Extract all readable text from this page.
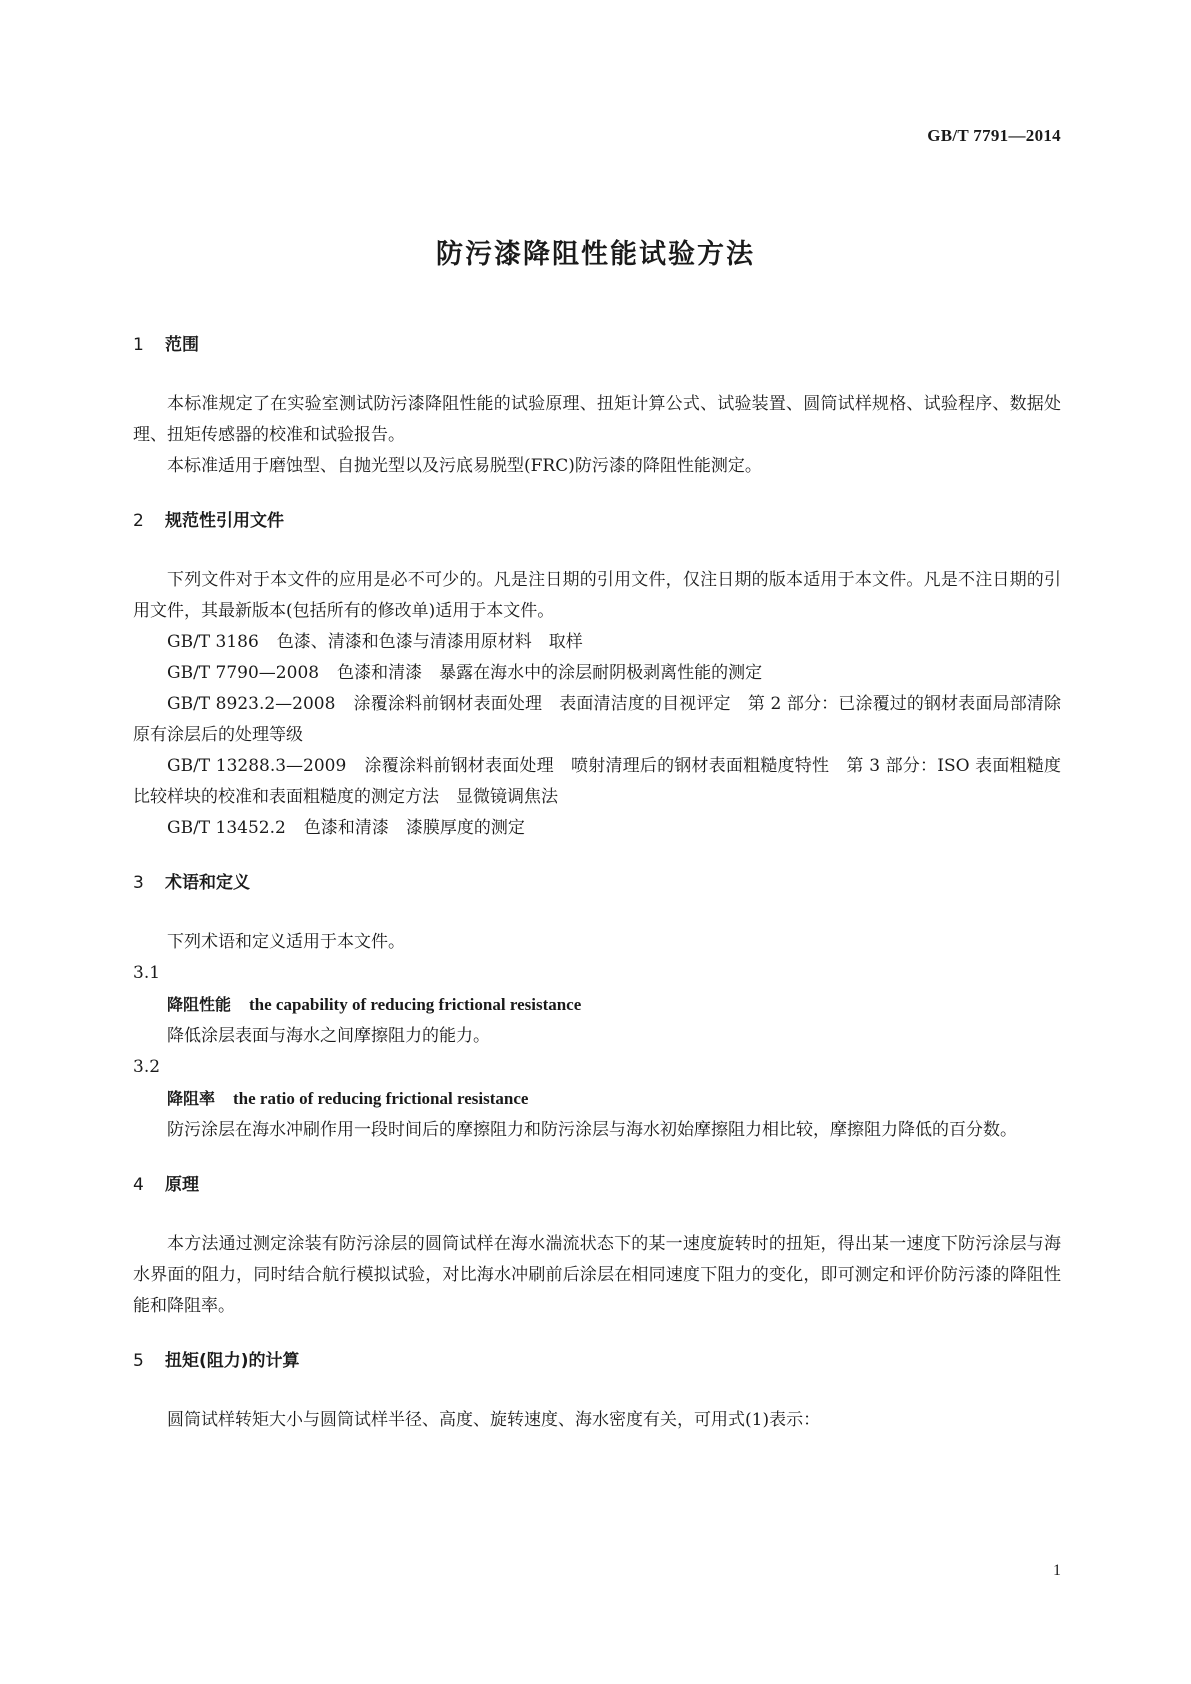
GB/T 7791—2014
防污漆降阻性能试验方法
1 范围

本标准规定了在实验室测试防污漆降阻性能的试验原理、扭矩计算公式、试验装置、圆筒试样规格、试验程序、数据处理、扭矩传感器的校准和试验报告。

本标准适用于磨蚀型、自抛光型以及污底易脱型(FRC)防污漆的降阻性能测定。

2 规范性引用文件

下列文件对于本文件的应用是必不可少的。凡是注日期的引用文件，仅注日期的版本适用于本文件。凡是不注日期的引用文件，其最新版本(包括所有的修改单)适用于本文件。

GB/T 3186 色漆、清漆和色漆与清漆用原材料　取样

GB/T 7790—2008 色漆和清漆　暴露在海水中的涂层耐阴极剥离性能的测定

GB/T 8923.2—2008 涂覆涂料前钢材表面处理　表面清洁度的目视评定　第 2 部分：已涂覆过的钢材表面局部清除原有涂层后的处理等级

GB/T 13288.3—2009 涂覆涂料前钢材表面处理　喷射清理后的钢材表面粗糙度特性　第 3 部分：ISO 表面粗糙度比较样块的校准和表面粗糙度的测定方法　显微镜调焦法

GB/T 13452.2 色漆和清漆　漆膜厚度的测定

3 术语和定义

下列术语和定义适用于本文件。

3.1

降阻性能 the capability of reducing frictional resistance

降低涂层表面与海水之间摩擦阻力的能力。

3.2

降阻率 the ratio of reducing frictional resistance

防污涂层在海水冲刷作用一段时间后的摩擦阻力和防污涂层与海水初始摩擦阻力相比较，摩擦阻力降低的百分数。

4 原理

本方法通过测定涂装有防污涂层的圆筒试样在海水湍流状态下的某一速度旋转时的扭矩，得出某一速度下防污涂层与海水界面的阻力，同时结合航行模拟试验，对比海水冲刷前后涂层在相同速度下阻力的变化，即可测定和评价防污漆的降阻性能和降阻率。

5 扭矩(阻力)的计算

圆筒试样转矩大小与圆筒试样半径、高度、旋转速度、海水密度有关，可用式(1)表示：

1
